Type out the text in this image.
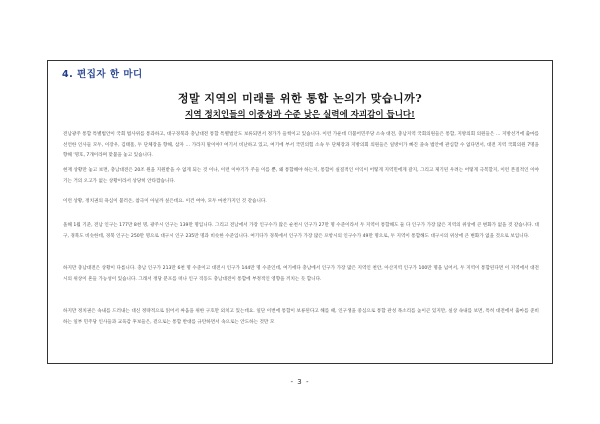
4. 편집자 한 마디
정말 지역의 미래를 위한 통합 논의가 맞습니까?
지역 정치인들의 이중성과 수준 낮은 실력에 자괴감이 듭니다!

전남광주 통합 특별법안이 국회 법사위를 통과하고, 대구경북과 충남대전 통합 특별법안도 보류되면서 정가가 들썩이고 있습니다. 이런 가운데 더불어민주당 소속 대전, 충남지역 국회의원들은 통합, 지방의회 의원들은 … 지방선거에 출마를 선언한 인사들 모두, 이장우, 김태흠, 두 단체장을 향해, 삼자 … 가라지 말이야? 여기서 비난하고 있고, 여기에 부서 국민의힘 소속 두 단체장과 지방의회 의원들은 일방이가 빠진 졸속 법안에 관심할 수 없다면서, 대전 지역 국회의원 7명을 향해 '명호, 7개이라며 맞불을 놓고 있습니다.

현재 상황만 놓고 보면, 충남대전은 20조 원을 지원받을 수 없게 되는 것 이나, 이런 이야기가 주들 이를 뿐, 왜 통합해야 하는지, 통합이 실질적인 이익이 어떻게 지역민에게 갈지, 그리고 제기된 우려는 어떻게 극복할지, 이런 본질적인 이야기는 거의 오고가 없는 상황이라서 상당히 안타깝습니다.

이런 상황, 정치권의 욕심이 불러온, 참극이 아닐까 싶은데요. 이건 여야, 모두 마찬가지인 것 같습니다.

올해 1월 기준, 전남 인구는 177만 8천 명, 광주시 인구는 139만 명입니다. 그리고 전남에서 가장 인구수가 많은 순천시 인구가 27만 명 수준이라서 두 지역이 통합해도 둘 다 인구가 가장 많은 지역의 위상에 큰 변화가 없을 것 같습니다. 대구, 경북도 비슷한데, 경북 인구는 250만 명으로 대구시 인구 235만 명과 비슷한 수준입니다. 여기다가 경북에서 인구가 가장 많은 포항시의 인구수가 49만 명으로, 두 지역이 통합해도 대구시의 위상에 큰 변화가 없을 것으로 보입니다.

하지만 충남대전은 상황이 다릅니다. 충남 인구가 213만 6천 명 수준이고 대전시 인구가 144만 명 수준인데, 여기에다 충남에서 인구가 가장 많은 지역인 천안, 아산지역 인구가 100만 명을 넘어서, 두 지역이 통합된다면 이 지역에서 대전시의 위상이 흔들 가능성이 있습니다. 그래서 정당 분포를 떠나 인구 격동도 충남대전이 통합에 부정적인 영향을 끼치는 듯 합니다.

하지만 정치권은 속내를 드러내는 대신 정략적으로 읽어서 싸움을 위한 구호만 외치고 있는데요. 일단 이번에 통합이 보류된다고 해를 때, 인구생을 중심으로 통합 관성 목소리를 높이곤 있지만, 실상 속내를 보면, 특히 대전에서 출마를 준비하는 일부 민주당 인사들과 교육감 후보들은, 겉으로는 통합 반대를 규탄하면서 속으로는 안도하는 것만 모

- 3 -
